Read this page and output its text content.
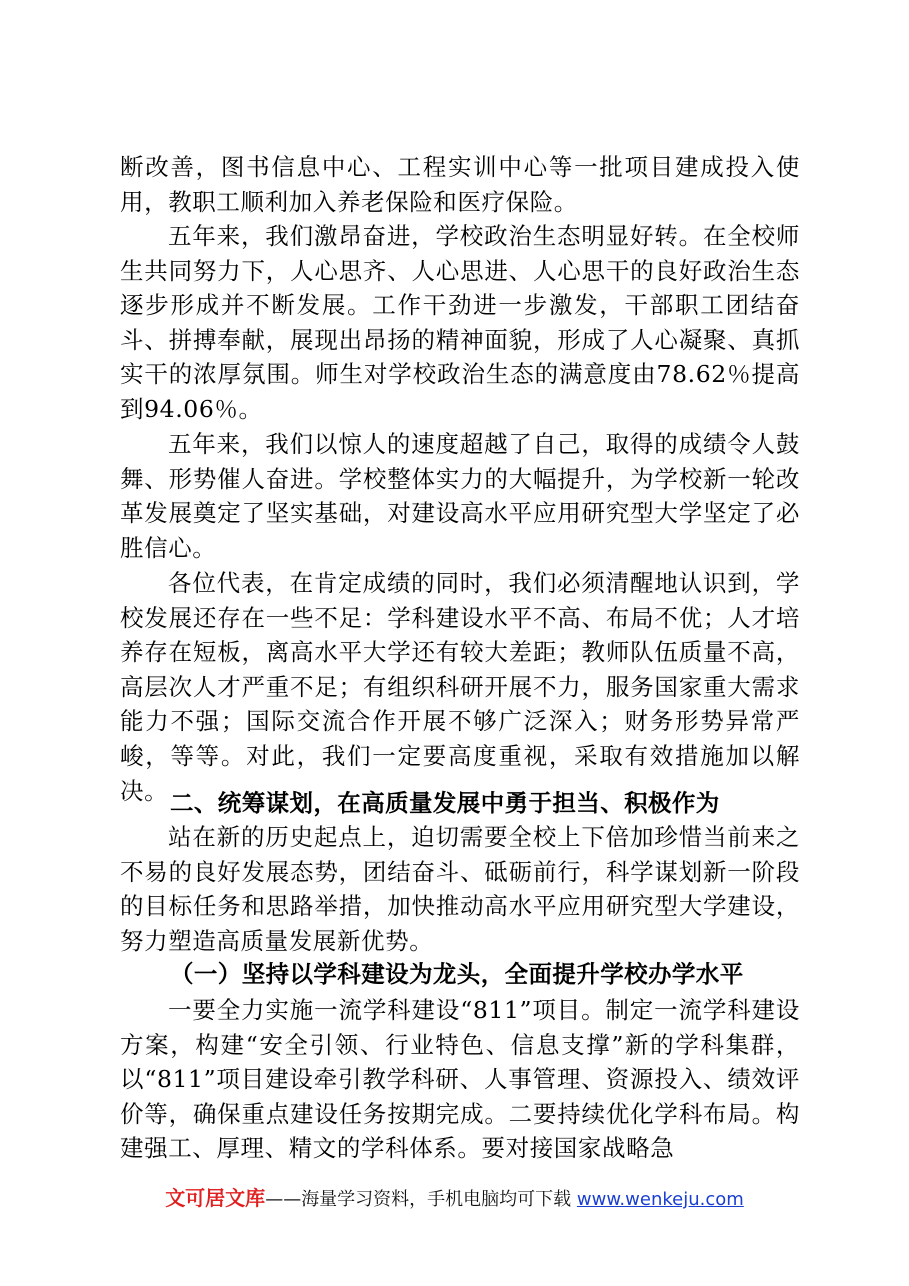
断改善，图书信息中心、工程实训中心等一批项目建成投入使用，教职工顺利加入养老保险和医疗保险。

五年来，我们激昂奋进，学校政治生态明显好转。在全校师生共同努力下，人心思齐、人心思进、人心思干的良好政治生态逐步形成并不断发展。工作干劲进一步激发，干部职工团结奋斗、拼搏奉献，展现出昂扬的精神面貌，形成了人心凝聚、真抓实干的浓厚氛围。师生对学校政治生态的满意度由78.62％提高到94.06％。

五年来，我们以惊人的速度超越了自己，取得的成绩令人鼓舞、形势催人奋进。学校整体实力的大幅提升，为学校新一轮改革发展奠定了坚实基础，对建设高水平应用研究型大学坚定了必胜信心。

各位代表，在肯定成绩的同时，我们必须清醒地认识到，学校发展还存在一些不足：学科建设水平不高、布局不优；人才培养存在短板，离高水平大学还有较大差距；教师队伍质量不高，高层次人才严重不足；有组织科研开展不力，服务国家重大需求能力不强；国际交流合作开展不够广泛深入；财务形势异常严峻，等等。对此，我们一定要高度重视，采取有效措施加以解决。 二、统筹谋划，在高质量发展中勇于担当、积极作为

站在新的历史起点上，迫切需要全校上下倍加珍惜当前来之不易的良好发展态势，团结奋斗、砥砺前行，科学谋划新一阶段的目标任务和思路举措，加快推动高水平应用研究型大学建设，努力塑造高质量发展新优势。

（一）坚持以学科建设为龙头，全面提升学校办学水平

一要全力实施一流学科建设“811”项目。制定一流学科建设方案，构建“安全引领、行业特色、信息支撑”新的学科集群，以“811”项目建设牵引教学科研、人事管理、资源投入、绩效评价等，确保重点建设任务按期完成。二要持续优化学科布局。构建强工、厚理、精文的学科体系。要对接国家战略急

文可居文库——海量学习资料，手机电脑均可下载 www.wenkeju.com
